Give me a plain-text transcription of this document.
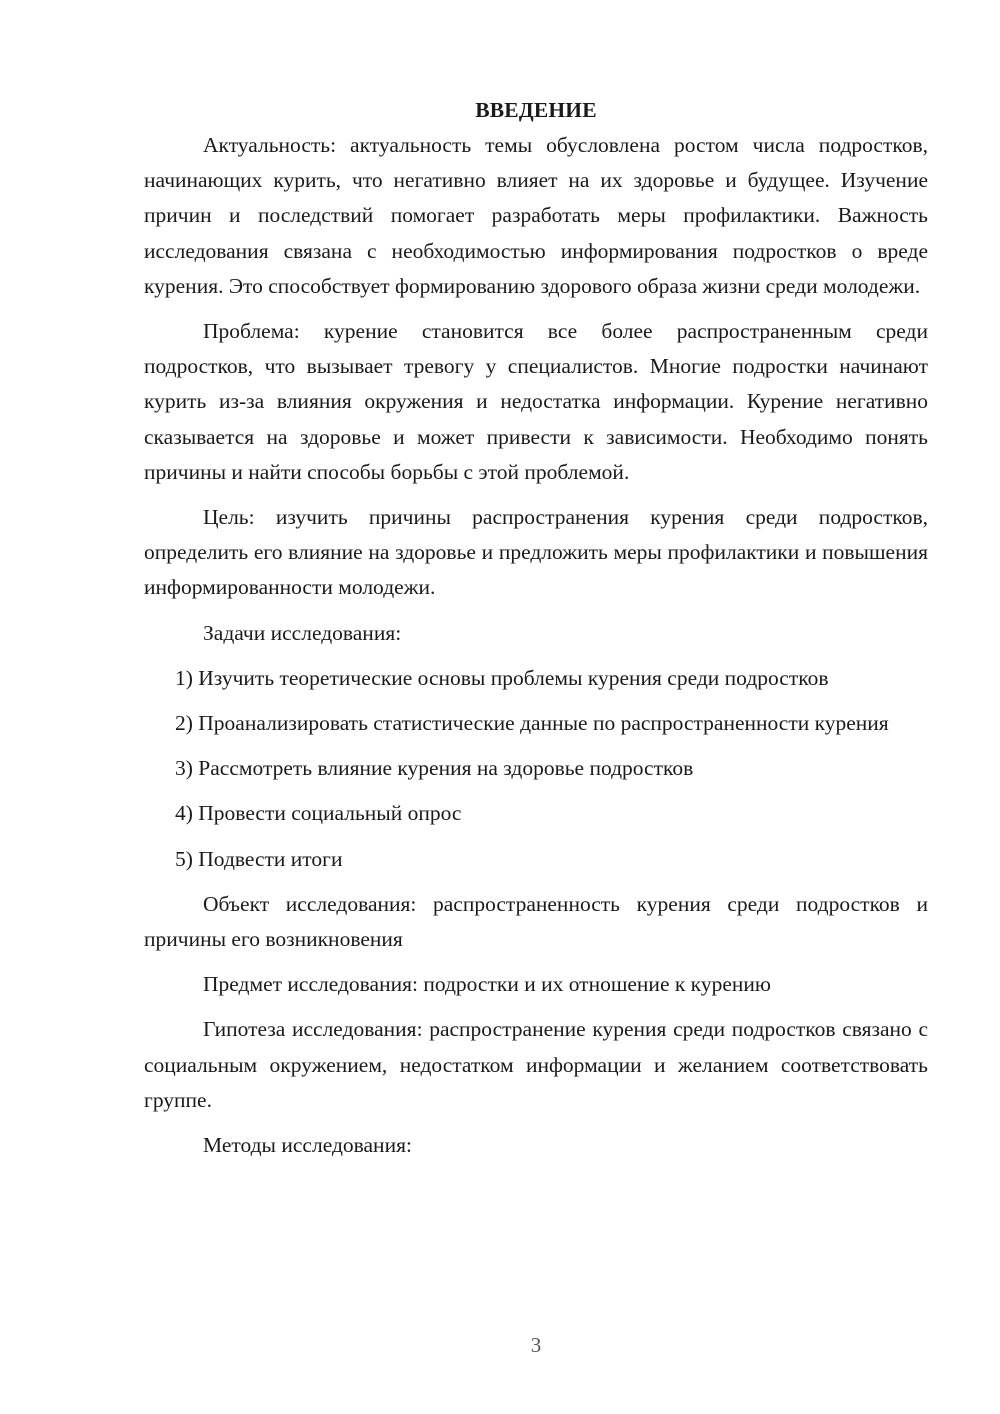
ВВЕДЕНИЕ

Актуальность: актуальность темы обусловлена ростом числа подростков, начинающих курить, что негативно влияет на их здоровье и будущее. Изучение причин и последствий помогает разработать меры профилактики. Важность исследования связана с необходимостью информирования подростков о вреде курения. Это способствует формированию здорового образа жизни среди молодежи.

Проблема: курение становится все более распространенным среди подростков, что вызывает тревогу у специалистов. Многие подростки начинают курить из-за влияния окружения и недостатка информации. Курение негативно сказывается на здоровье и может привести к зависимости. Необходимо понять причины и найти способы борьбы с этой проблемой.

Цель: изучить причины распространения курения среди подростков, определить его влияние на здоровье и предложить меры профилактики и повышения информированности молодежи.

Задачи исследования:

1) Изучить теоретические основы проблемы курения среди подростков

2) Проанализировать статистические данные по распространенности курения

3) Рассмотреть влияние курения на здоровье подростков

4) Провести социальный опрос

5) Подвести итоги

Объект исследования: распространенность курения среди подростков и причины его возникновения

Предмет исследования: подростки и их отношение к курению

Гипотеза исследования: распространение курения среди подростков связано с социальным окружением, недостатком информации и желанием соответствовать группе.

Методы исследования:

3
